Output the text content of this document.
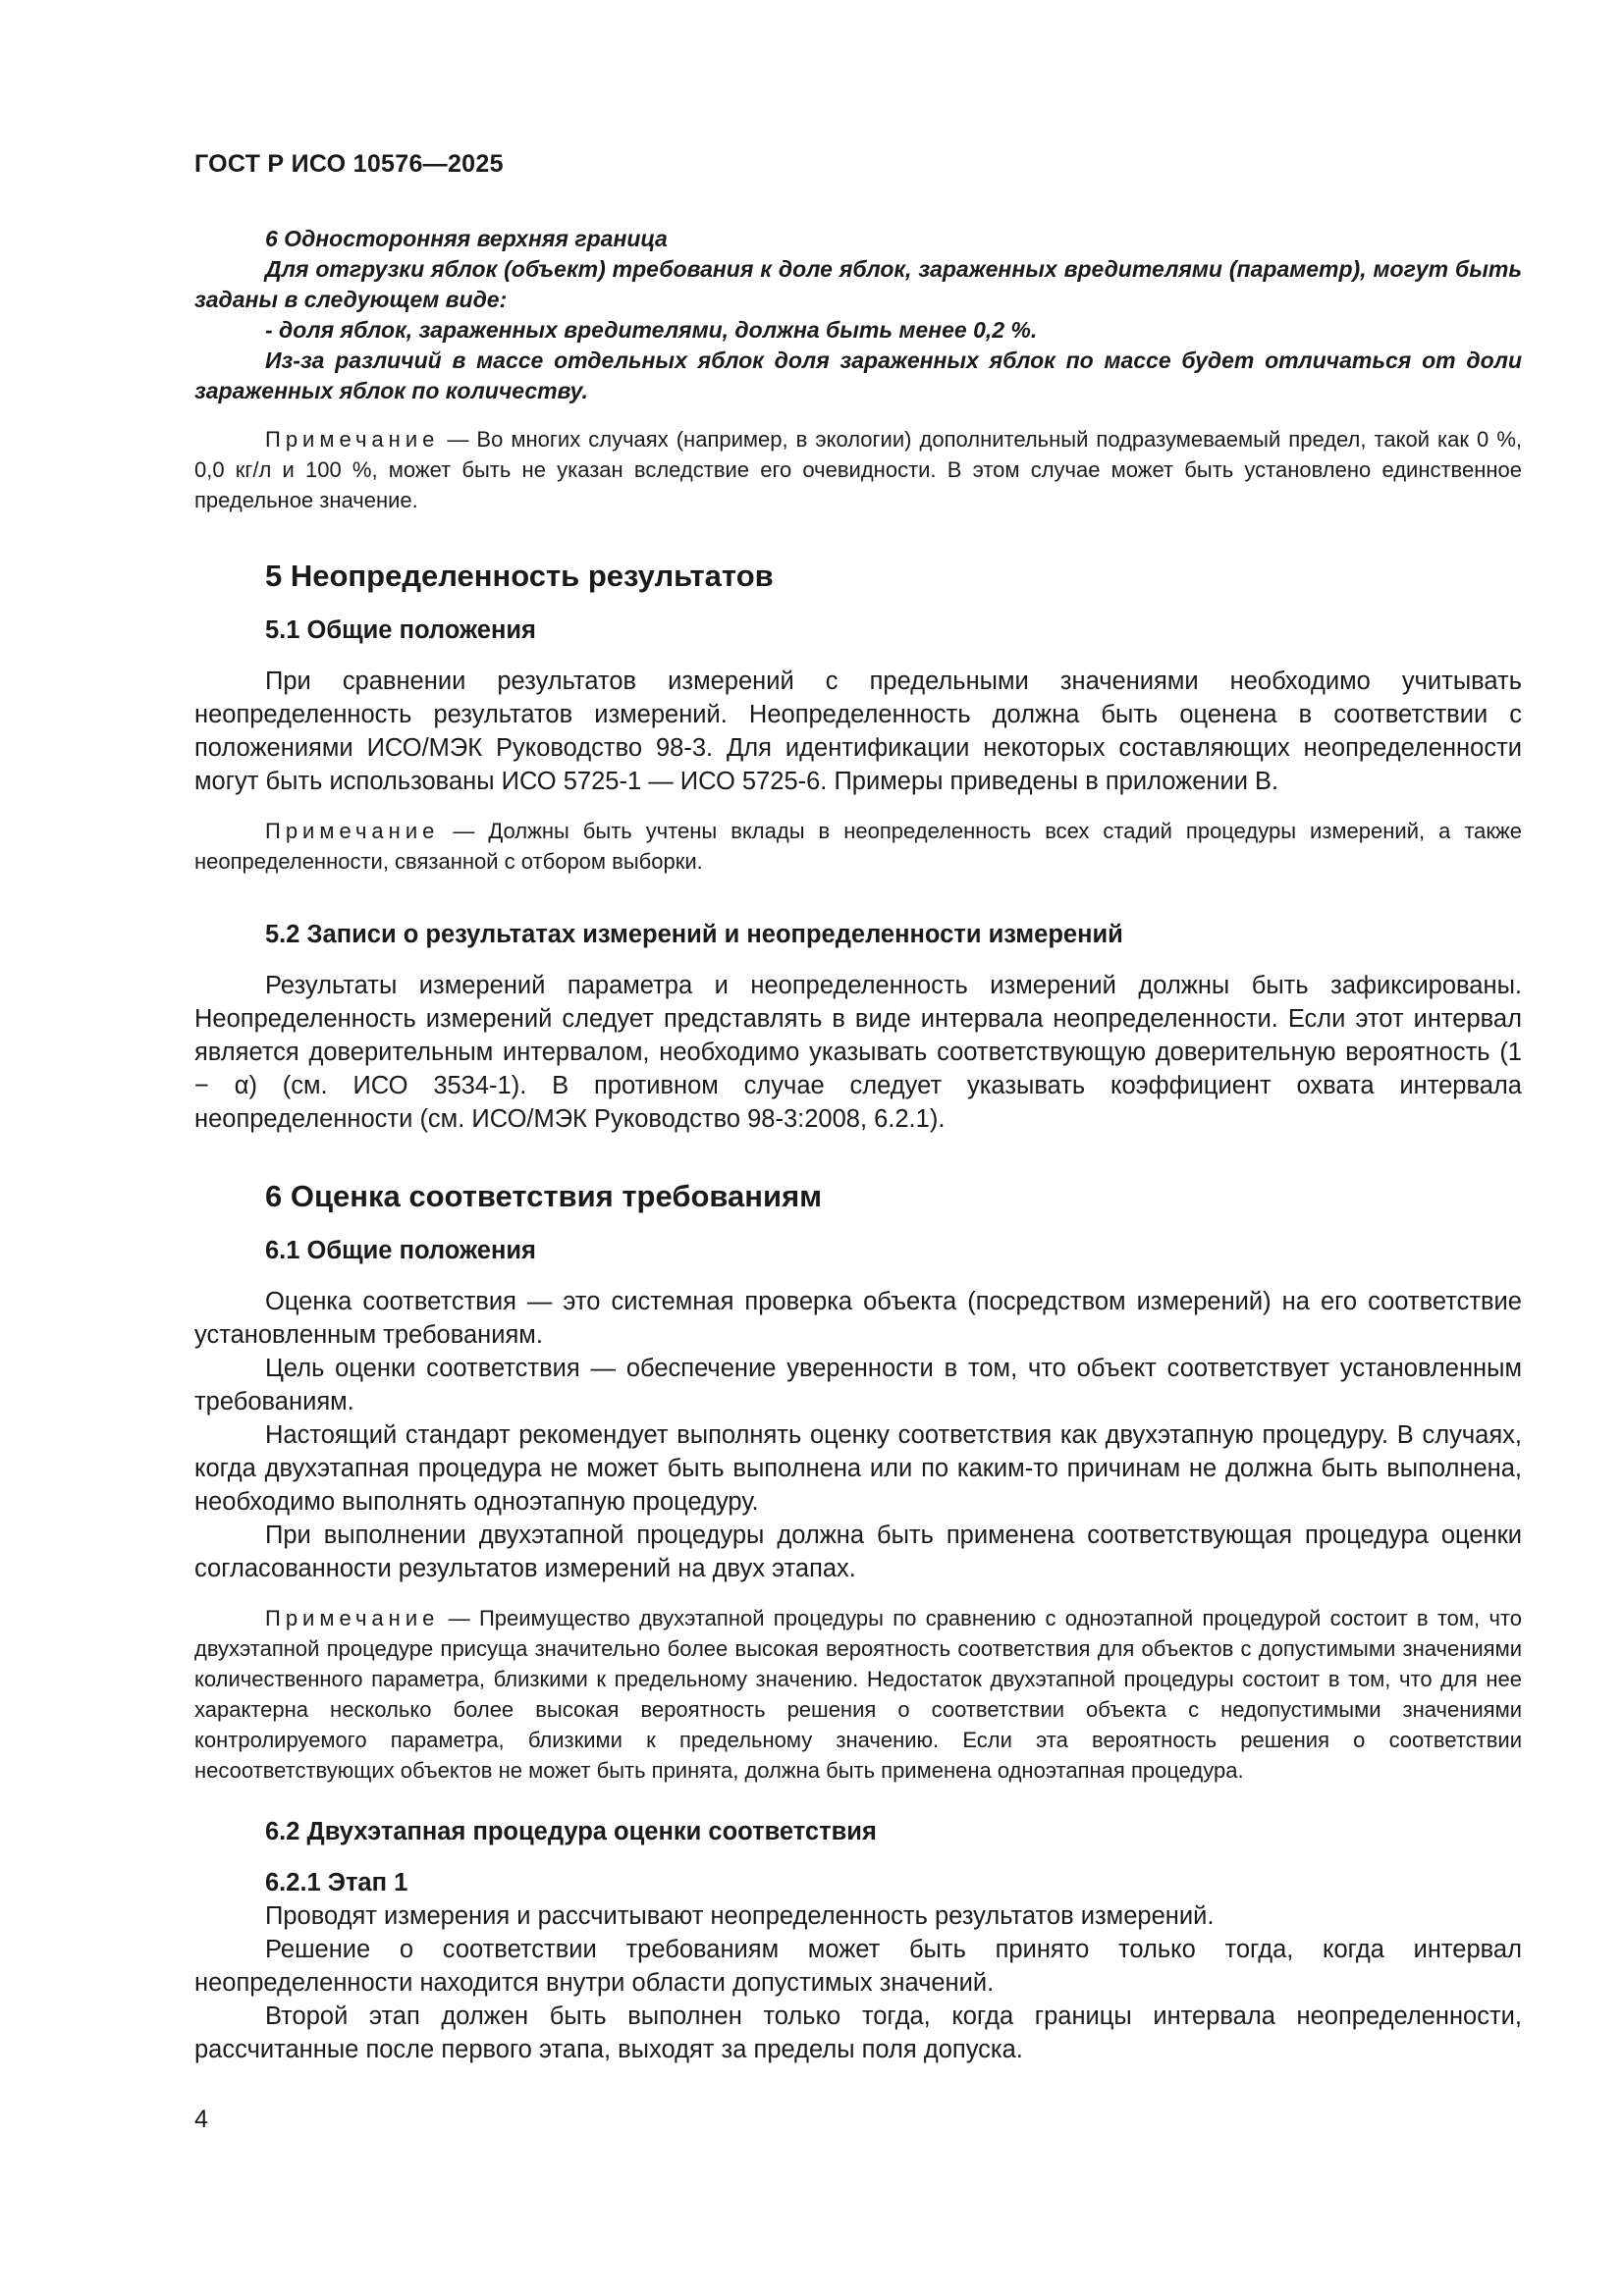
ГОСТ Р ИСО 10576—2025

6 Односторонняя верхняя граница

Для отгрузки яблок (объект) требования к доле яблок, зараженных вредителями (параметр), могут быть заданы в следующем виде:

- доля яблок, зараженных вредителями, должна быть менее 0,2 %.

Из-за различий в массе отдельных яблок доля зараженных яблок по массе будет отличаться от доли зараженных яблок по количеству.

Примечание — Во многих случаях (например, в экологии) дополнительный подразумеваемый предел, такой как 0 %, 0,0 кг/л и 100 %, может быть не указан вследствие его очевидности. В этом случае может быть установлено единственное предельное значение.

5 Неопределенность результатов
5.1 Общие положения

При сравнении результатов измерений с предельными значениями необходимо учитывать неопределенность результатов измерений. Неопределенность должна быть оценена в соответствии с положениями ИСО/МЭК Руководство 98-3. Для идентификации некоторых составляющих неопределенности могут быть использованы ИСО 5725-1 — ИСО 5725-6. Примеры приведены в приложении В.

Примечание — Должны быть учтены вклады в неопределенность всех стадий процедуры измерений, а также неопределенности, связанной с отбором выборки.

5.2 Записи о результатах измерений и неопределенности измерений

Результаты измерений параметра и неопределенность измерений должны быть зафиксированы. Неопределенность измерений следует представлять в виде интервала неопределенности. Если этот интервал является доверительным интервалом, необходимо указывать соответствующую доверительную вероятность (1 − α) (см. ИСО 3534-1). В противном случае следует указывать коэффициент охвата интервала неопределенности (см. ИСО/МЭК Руководство 98-3:2008, 6.2.1).

6 Оценка соответствия требованиям
6.1 Общие положения

Оценка соответствия — это системная проверка объекта (посредством измерений) на его соответствие установленным требованиям.

Цель оценки соответствия — обеспечение уверенности в том, что объект соответствует установленным требованиям.

Настоящий стандарт рекомендует выполнять оценку соответствия как двухэтапную процедуру. В случаях, когда двухэтапная процедура не может быть выполнена или по каким-то причинам не должна быть выполнена, необходимо выполнять одноэтапную процедуру.

При выполнении двухэтапной процедуры должна быть применена соответствующая процедура оценки согласованности результатов измерений на двух этапах.

Примечание — Преимущество двухэтапной процедуры по сравнению с одноэтапной процедурой состоит в том, что двухэтапной процедуре присуща значительно более высокая вероятность соответствия для объектов с допустимыми значениями количественного параметра, близкими к предельному значению. Недостаток двухэтапной процедуры состоит в том, что для нее характерна несколько более высокая вероятность решения о соответствии объекта с недопустимыми значениями контролируемого параметра, близкими к предельному значению. Если эта вероятность решения о соответствии несоответствующих объектов не может быть принята, должна быть применена одноэтапная процедура.

6.2 Двухэтапная процедура оценки соответствия
6.2.1 Этап 1

Проводят измерения и рассчитывают неопределенность результатов измерений.

Решение о соответствии требованиям может быть принято только тогда, когда интервал неопределенности находится внутри области допустимых значений.

Второй этап должен быть выполнен только тогда, когда границы интервала неопределенности, рассчитанные после первого этапа, выходят за пределы поля допуска.

4
